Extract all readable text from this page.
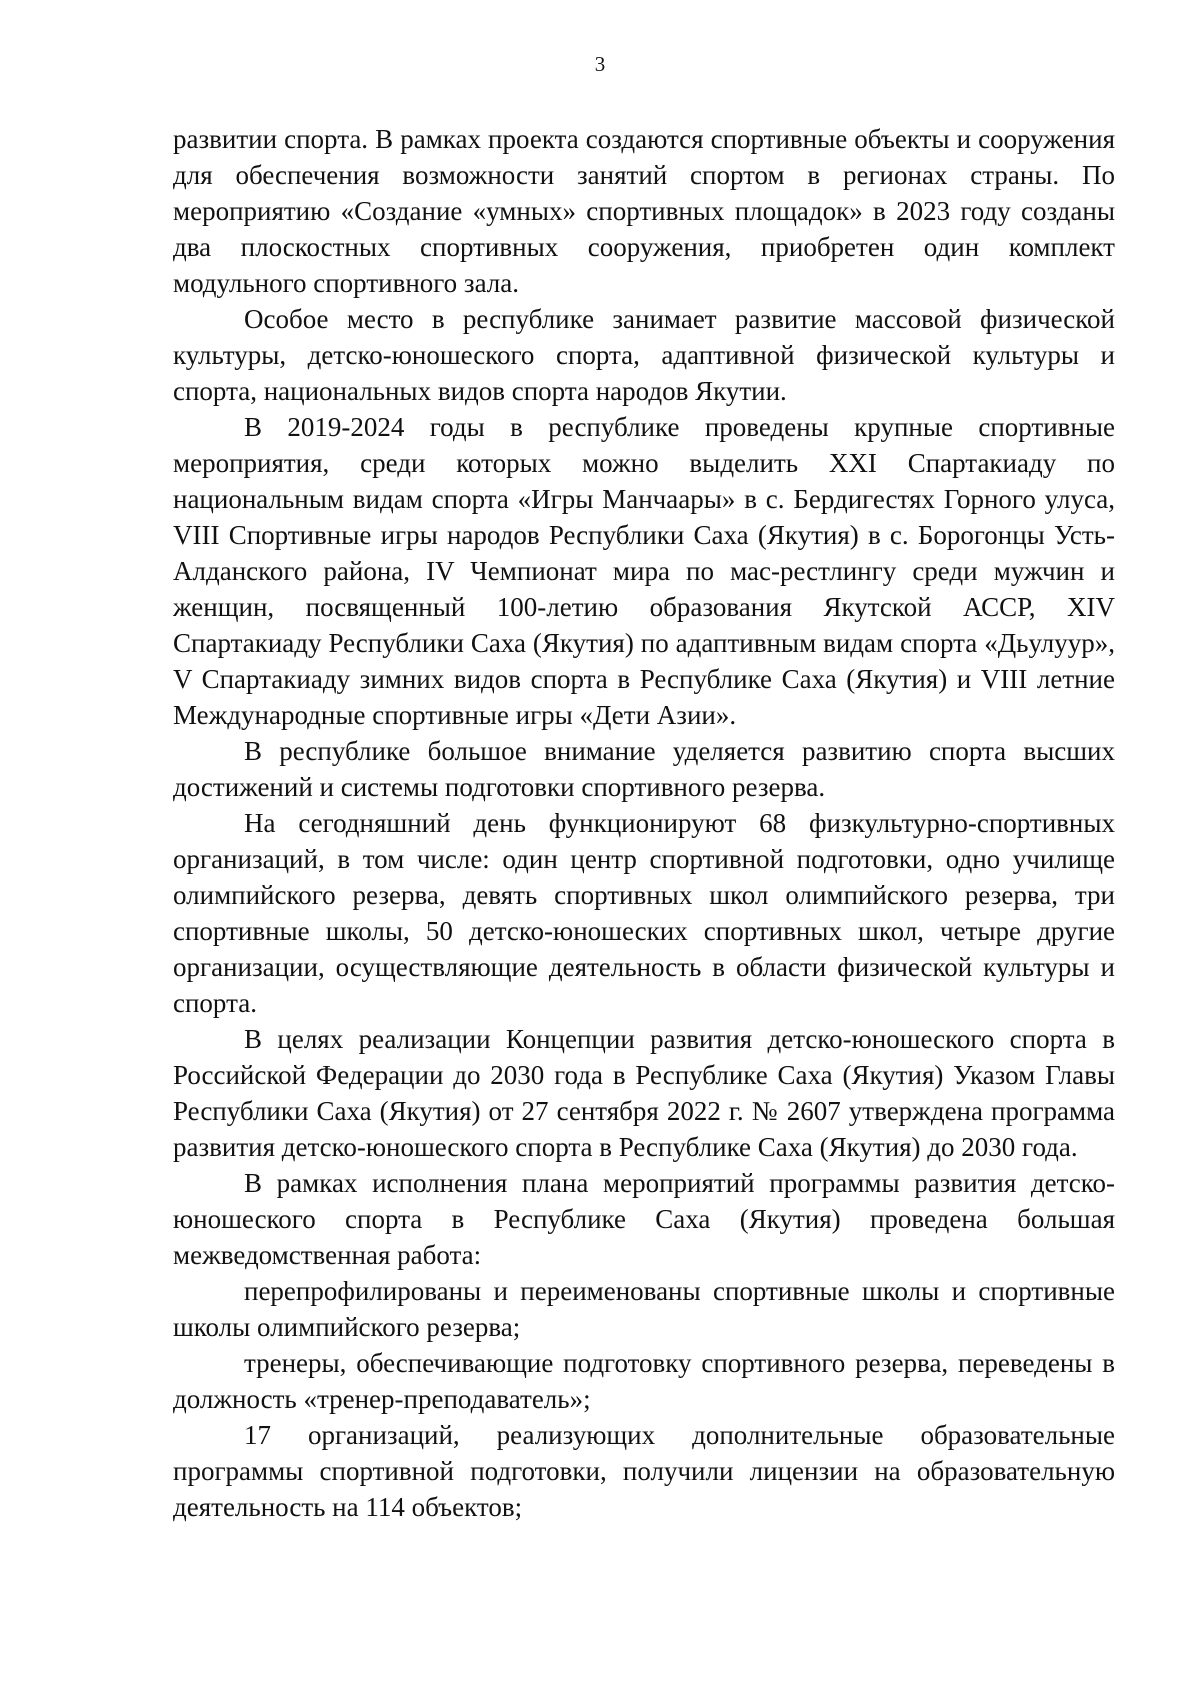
3

развитии спорта. В рамках проекта создаются спортивные объекты и сооружения для обеспечения возможности занятий спортом в регионах страны. По мероприятию «Создание «умных» спортивных площадок» в 2023 году созданы два плоскостных спортивных сооружения, приобретен один комплект модульного спортивного зала.

Особое место в республике занимает развитие массовой физической культуры, детско-юношеского спорта, адаптивной физической культуры и спорта, национальных видов спорта народов Якутии.

В 2019-2024 годы в республике проведены крупные спортивные мероприятия, среди которых можно выделить XXI Спартакиаду по национальным видам спорта «Игры Манчаары» в с. Бердигестях Горного улуса, VIII Спортивные игры народов Республики Саха (Якутия) в с. Борогонцы Усть-Алданского района, IV Чемпионат мира по мас-рестлингу среди мужчин и женщин, посвященный 100-летию образования Якутской АССР, XIV Спартакиаду Республики Саха (Якутия) по адаптивным видам спорта «Дьулуур», V Спартакиаду зимних видов спорта в Республике Саха (Якутия) и VIII летние Международные спортивные игры «Дети Азии».

В республике большое внимание уделяется развитию спорта высших достижений и системы подготовки спортивного резерва.

На сегодняшний день функционируют 68 физкультурно-спортивных организаций, в том числе: один центр спортивной подготовки, одно училище олимпийского резерва, девять спортивных школ олимпийского резерва, три спортивные школы, 50 детско-юношеских спортивных школ, четыре другие организации, осуществляющие деятельность в области физической культуры и спорта.

В целях реализации Концепции развития детско-юношеского спорта в Российской Федерации до 2030 года в Республике Саха (Якутия) Указом Главы Республики Саха (Якутия) от 27 сентября 2022 г. № 2607 утверждена программа развития детско-юношеского спорта в Республике Саха (Якутия) до 2030 года.

В рамках исполнения плана мероприятий программы развития детско-юношеского спорта в Республике Саха (Якутия) проведена большая межведомственная работа:

перепрофилированы и переименованы спортивные школы и спортивные школы олимпийского резерва;

тренеры, обеспечивающие подготовку спортивного резерва, переведены в должность «тренер-преподаватель»;

17 организаций, реализующих дополнительные образовательные программы спортивной подготовки, получили лицензии на образовательную деятельность на 114 объектов;
